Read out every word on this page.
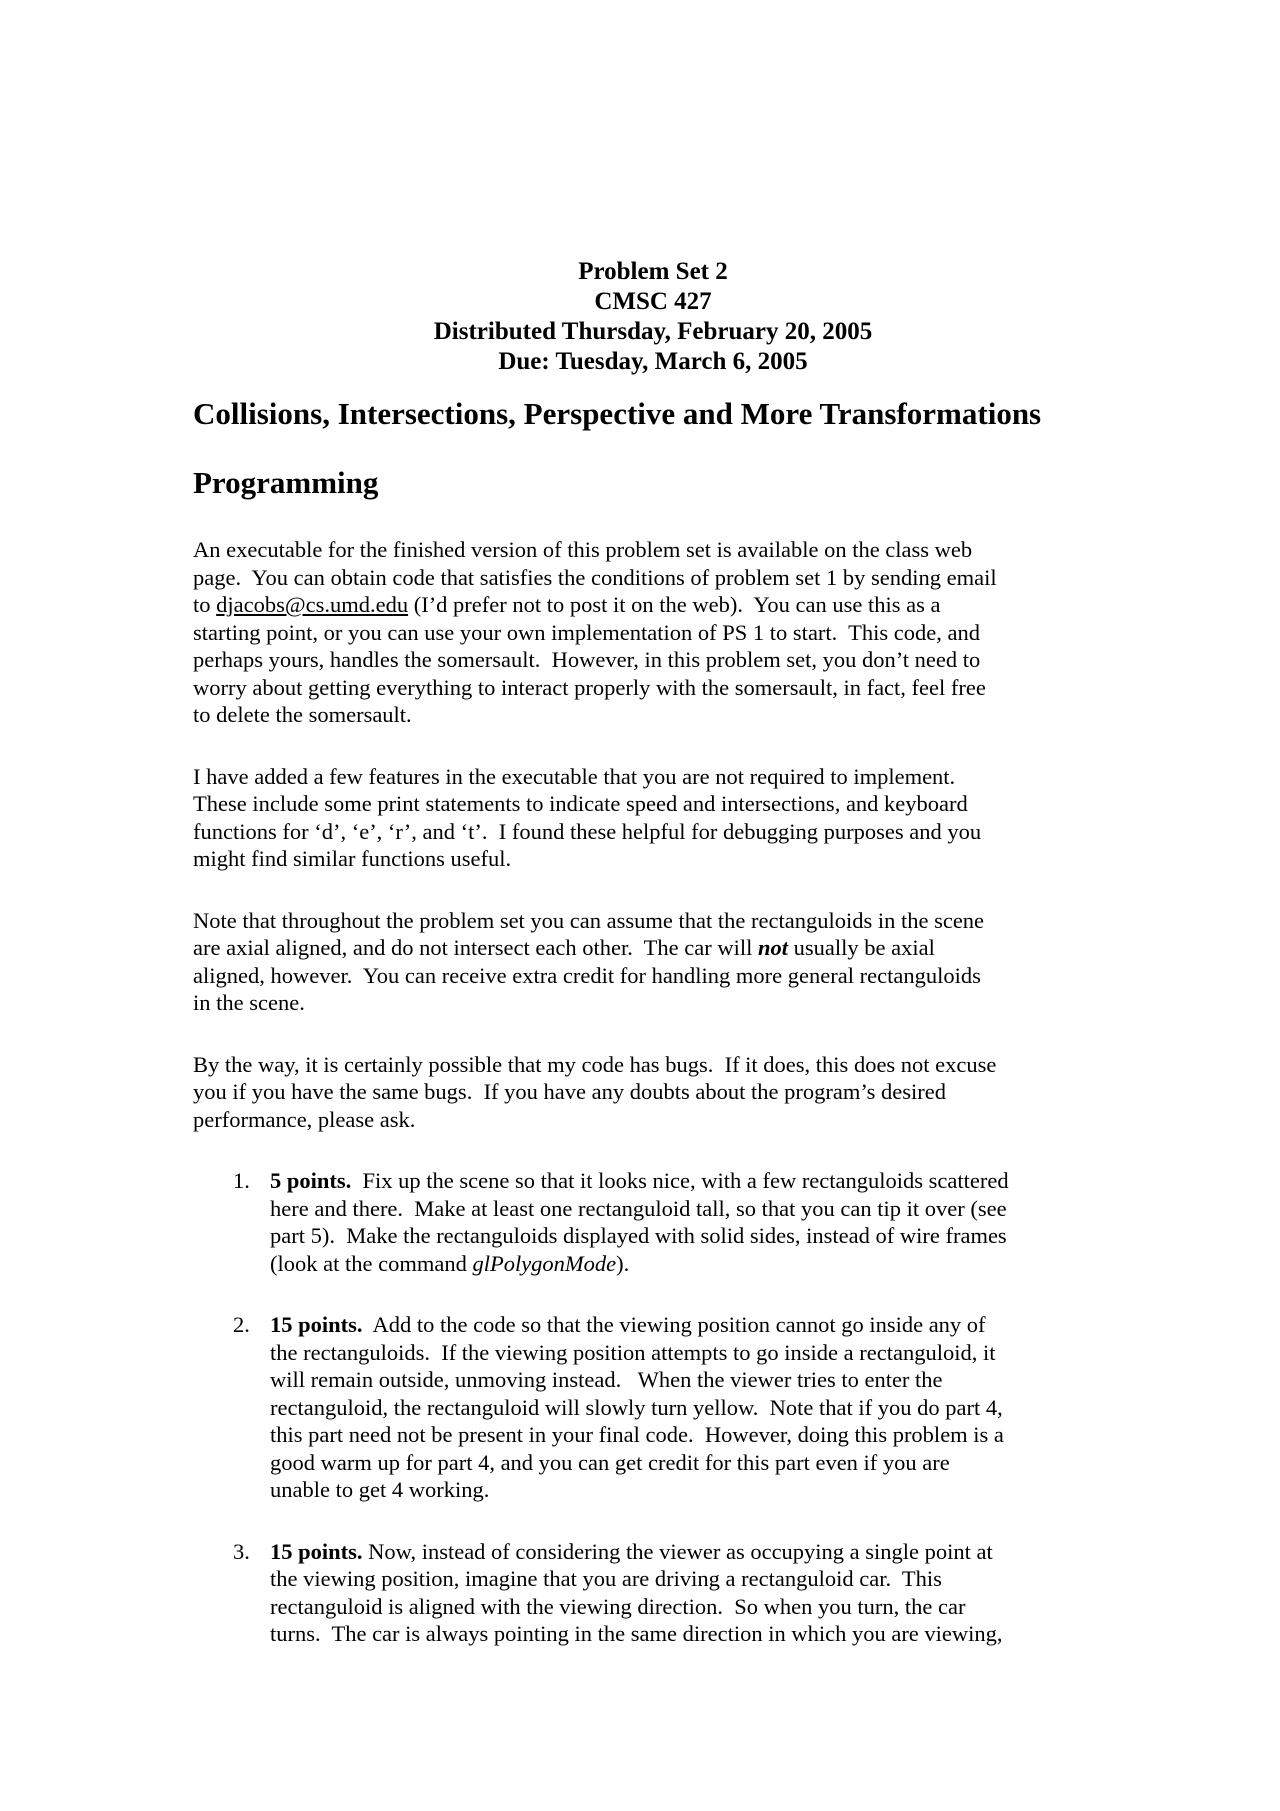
Problem Set 2
CMSC 427
Distributed Thursday, February 20, 2005
Due: Tuesday, March 6, 2005
Collisions, Intersections, Perspective and More Transformations
Programming
An executable for the finished version of this problem set is available on the class web
page.  You can obtain code that satisfies the conditions of problem set 1 by sending email
to djacobs@cs.umd.edu (I’d prefer not to post it on the web).  You can use this as a
starting point, or you can use your own implementation of PS 1 to start.  This code, and
perhaps yours, handles the somersault.  However, in this problem set, you don’t need to
worry about getting everything to interact properly with the somersault, in fact, feel free
to delete the somersault.
I have added a few features in the executable that you are not required to implement.
These include some print statements to indicate speed and intersections, and keyboard
functions for ‘d’, ‘e’, ‘r’, and ‘t’.  I found these helpful for debugging purposes and you
might find similar functions useful.
Note that throughout the problem set you can assume that the rectanguloids in the scene
are axial aligned, and do not intersect each other.  The car will not usually be axial
aligned, however.  You can receive extra credit for handling more general rectanguloids
in the scene.
By the way, it is certainly possible that my code has bugs.  If it does, this does not excuse
you if you have the same bugs.  If you have any doubts about the program’s desired
performance, please ask.
1. 5 points.  Fix up the scene so that it looks nice, with a few rectanguloids scattered
here and there.  Make at least one rectanguloid tall, so that you can tip it over (see
part 5).  Make the rectanguloids displayed with solid sides, instead of wire frames
(look at the command glPolygonMode).
2. 15 points.  Add to the code so that the viewing position cannot go inside any of
the rectanguloids.  If the viewing position attempts to go inside a rectanguloid, it
will remain outside, unmoving instead.   When the viewer tries to enter the
rectanguloid, the rectanguloid will slowly turn yellow.  Note that if you do part 4,
this part need not be present in your final code.  However, doing this problem is a
good warm up for part 4, and you can get credit for this part even if you are
unable to get 4 working.
3. 15 points. Now, instead of considering the viewer as occupying a single point at
the viewing position, imagine that you are driving a rectanguloid car.  This
rectanguloid is aligned with the viewing direction.  So when you turn, the car
turns.  The car is always pointing in the same direction in which you are viewing,
